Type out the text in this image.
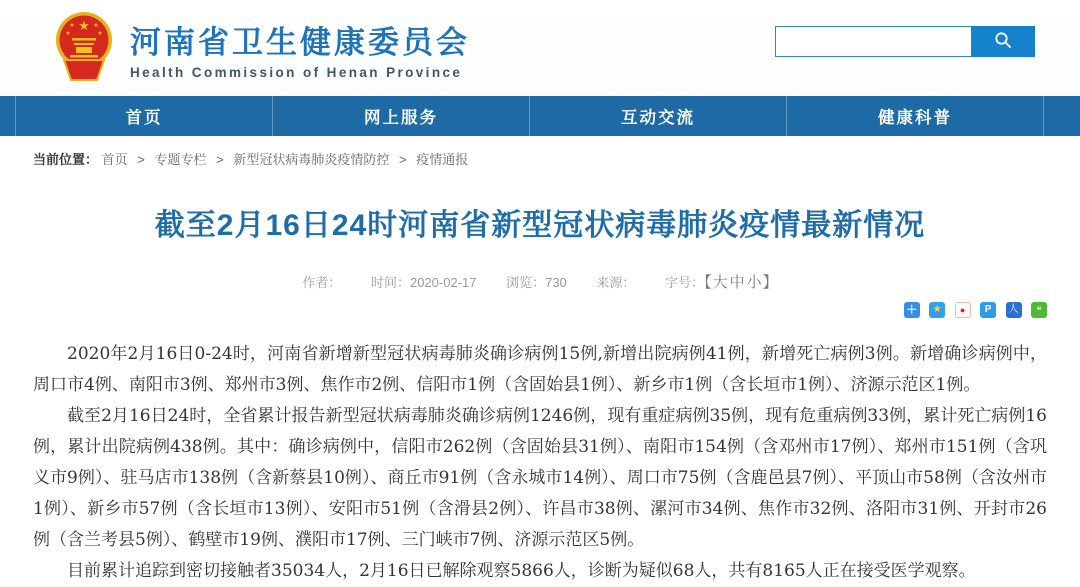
★
★	★
★	★ 河南省卫生健康委员会
Health Commission of Henan Province
首页	网上服务	互动交流	健康科普
当前位置： 首页 > 专题专栏 > 新型冠状病毒肺炎疫情防控 > 疫情通报
截至2月16日24时河南省新型冠状病毒肺炎疫情最新情况
作者： 时间：2020-02-17 浏览：730 来源： 字号：【大 中 小】
＋ ★ ● P 人 ❝

2020年2月16日0-24时，河南省新增新型冠状病毒肺炎确诊病例15例,新增出院病例41例，新增死亡病例3例。新增确诊病例中，周口市4例、南阳市3例、郑州市3例、焦作市2例、信阳市1例（含固始县1例）、新乡市1例（含长垣市1例）、济源示范区1例。

截至2月16日24时，全省累计报告新型冠状病毒肺炎确诊病例1246例，现有重症病例35例，现有危重病例33例，累计死亡病例16例，累计出院病例438例。其中：确诊病例中，信阳市262例（含固始县31例）、南阳市154例（含邓州市17例）、郑州市151例（含巩义市9例）、驻马店市138例（含新蔡县10例）、商丘市91例（含永城市14例）、周口市75例（含鹿邑县7例）、平顶山市58例（含汝州市1例）、新乡市57例（含长垣市13例）、安阳市51例（含滑县2例）、许昌市38例、漯河市34例、焦作市32例、洛阳市31例、开封市26例（含兰考县5例）、鹤壁市19例、濮阳市17例、三门峡市7例、济源示范区5例。

目前累计追踪到密切接触者35034人，2月16日已解除观察5866人，诊断为疑似68人，共有8165人正在接受医学观察。
